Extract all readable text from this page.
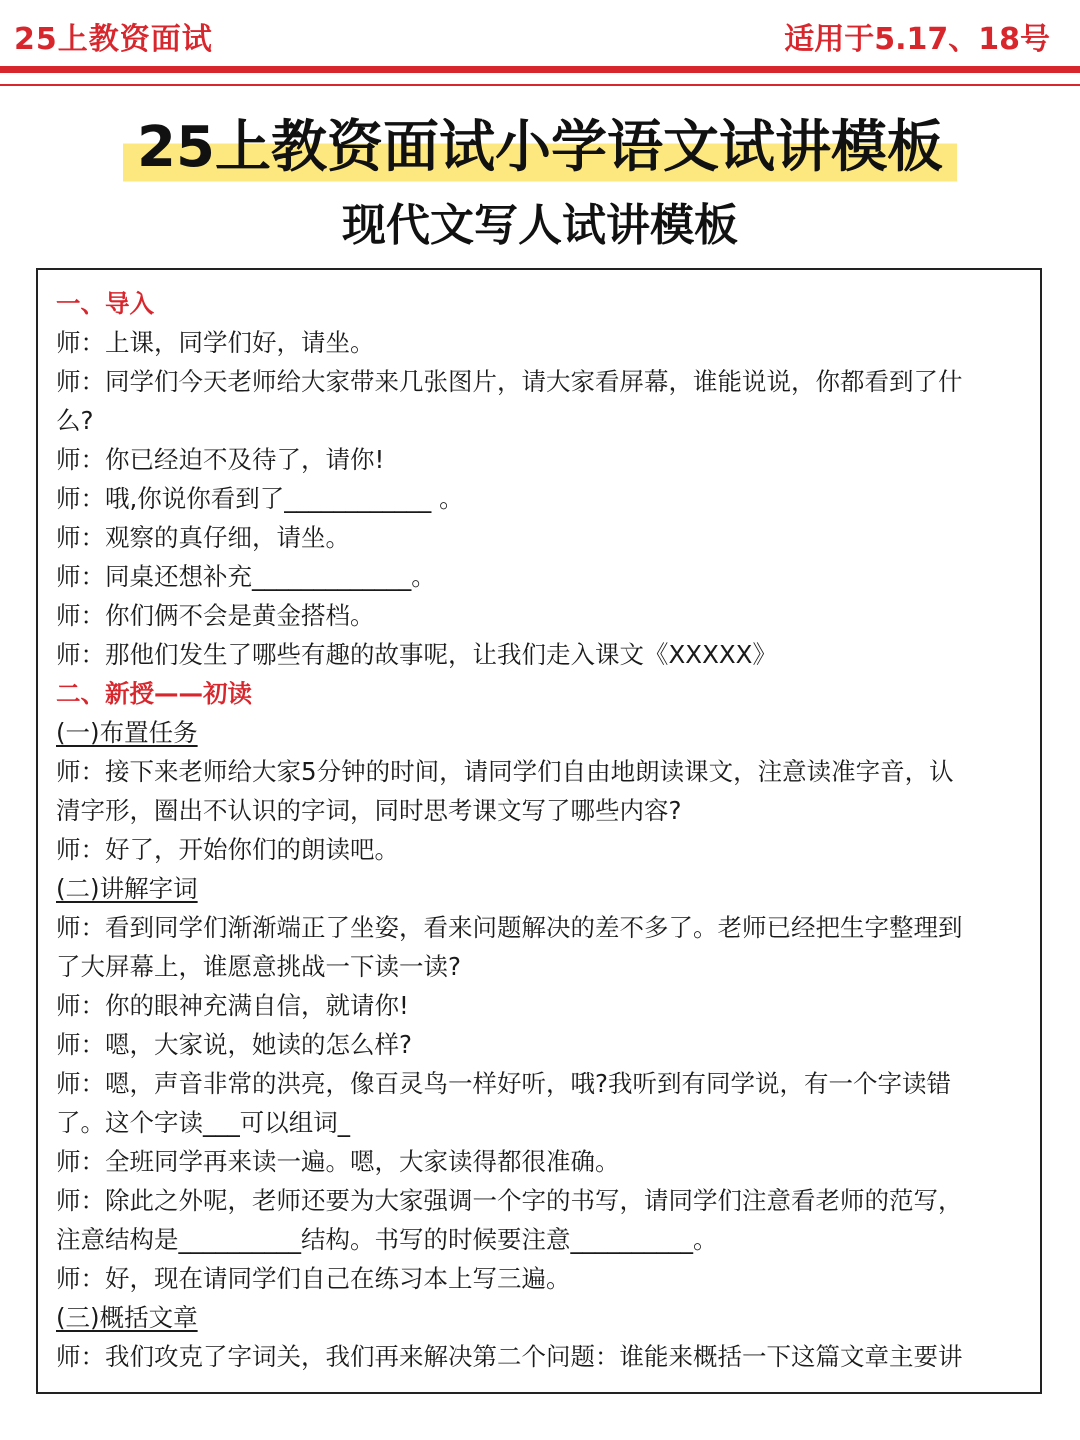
25上教资面试	适用于5.17、18号
25上教资面试小学语文试讲模板
现代文写人试讲模板
一、导入
师：上课，同学们好，请坐。
师：同学们今天老师给大家带来几张图片，请大家看屏幕，谁能说说，你都看到了什
么?
师：你已经迫不及待了，请你!
师：哦,你说你看到了____________ 。
师：观察的真仔细，请坐。
师：同桌还想补充_____________。
师：你们俩不会是黄金搭档。
师：那他们发生了哪些有趣的故事呢，让我们走入课文《XXXXX》
二、新授——初读
(一)布置任务
师：接下来老师给大家5分钟的时间，请同学们自由地朗读课文，注意读准字音，认
清字形，圈出不认识的字词，同时思考课文写了哪些内容?
师：好了，开始你们的朗读吧。
(二)讲解字词
师：看到同学们渐渐端正了坐姿，看来问题解决的差不多了。老师已经把生字整理到
了大屏幕上，谁愿意挑战一下读一读?
师：你的眼神充满自信，就请你!
师：嗯，大家说，她读的怎么样?
师：嗯，声音非常的洪亮，像百灵鸟一样好听，哦?我听到有同学说，有一个字读错
了。这个字读___可以组词_
师：全班同学再来读一遍。嗯，大家读得都很准确。
师：除此之外呢，老师还要为大家强调一个字的书写，请同学们注意看老师的范写，
注意结构是__________结构。书写的时候要注意__________。
师：好，现在请同学们自己在练习本上写三遍。
(三)概括文章
师：我们攻克了字词关，我们再来解决第二个问题：谁能来概括一下这篇文章主要讲
